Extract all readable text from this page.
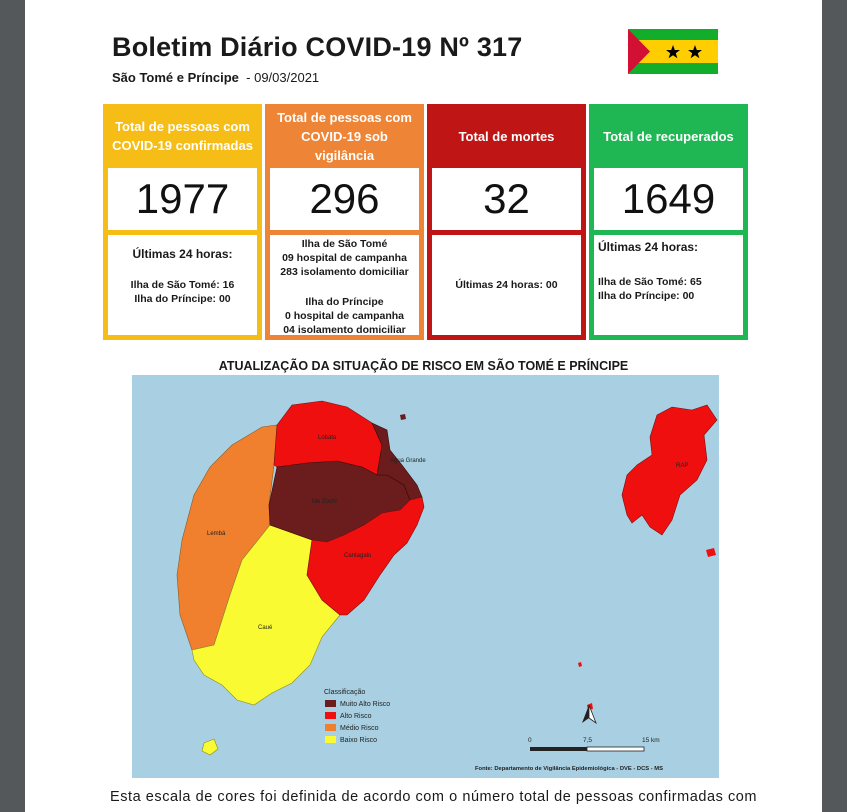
Boletim Diário COVID-19 Nº 317
São Tomé e Príncipe - 09/03/2021
Total de pessoas com COVID-19 confirmadas
1977
Últimas 24 horas:
Ilha de São Tomé: 16
Ilha do Príncipe: 00
Total de pessoas com COVID-19 sob vigilância
296
Ilha de São Tomé
09 hospital de campanha
283 isolamento domiciliar
Ilha do Príncipe
0 hospital de campanha
04 isolamento domiciliar
Total de mortes
32
Últimas 24 horas: 00
Total de recuperados
1649
Últimas 24 horas:
Ilha de São Tomé: 65
Ilha do Príncipe: 00
ATUALIZAÇÃO DA SITUAÇÃO DE RISCO EM SÃO TOMÉ E PRÍNCIPE
Lobata
Agua Grande
Me Zochi
Lembá
Cantagalo
Caué
RAP
Classificação
Muito Alto Risco
Alto Risco
Médio Risco
Baixo Risco	0	7,5	15 km
Fonte: Departamento de Vigilância Epidemiológica - DVE - DCS - MS
Esta escala de cores foi definida de acordo com o número total de pessoas confirmadas com
